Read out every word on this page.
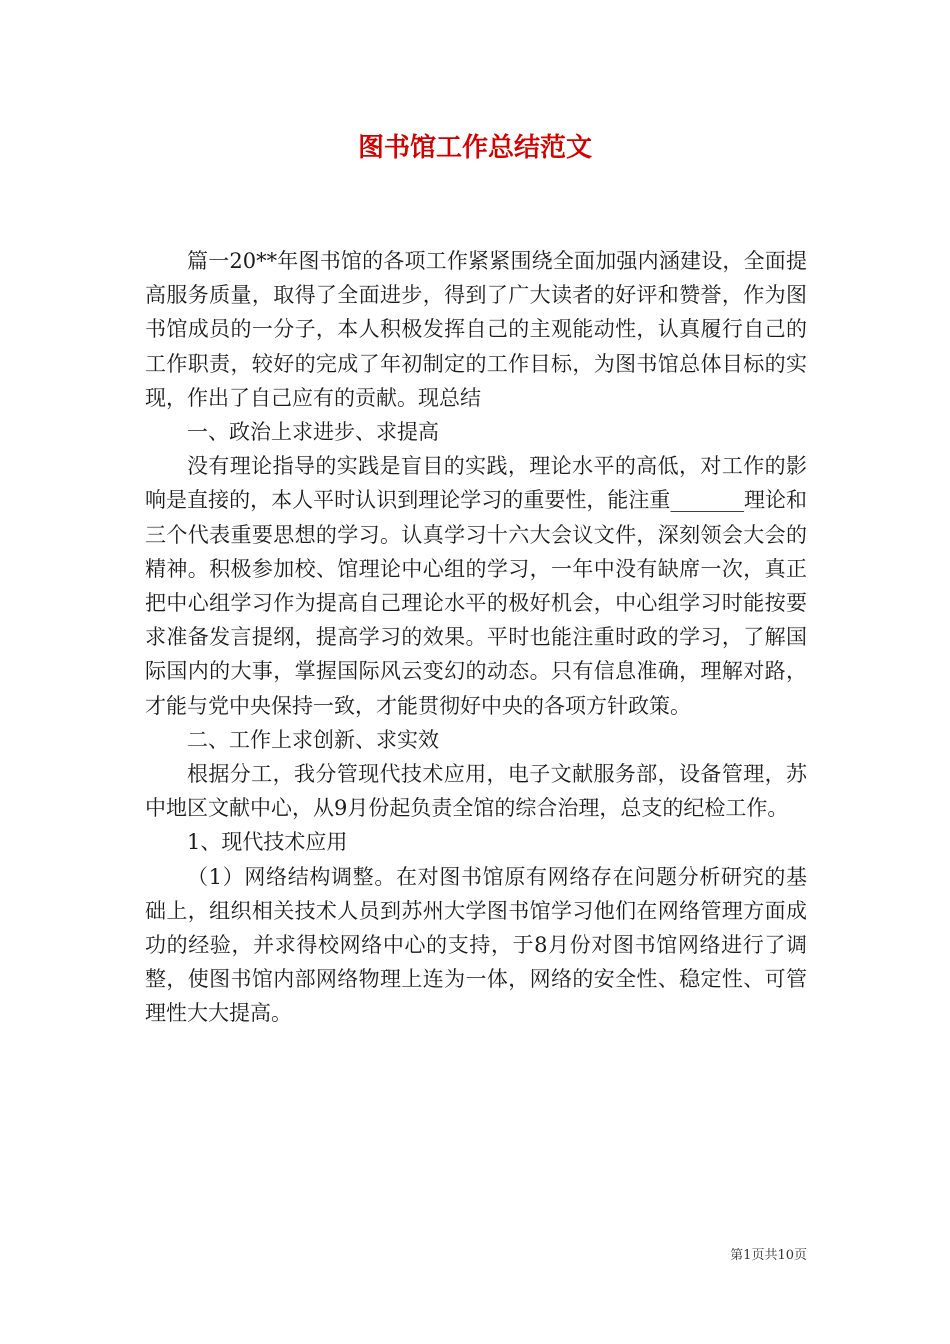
图书馆工作总结范文

篇一20**年图书馆的各项工作紧紧围绕全面加强内涵建设，全面提高服务质量，取得了全面进步，得到了广大读者的好评和赞誉，作为图书馆成员的一分子，本人积极发挥自己的主观能动性，认真履行自己的工作职责，较好的完成了年初制定的工作目标，为图书馆总体目标的实现，作出了自己应有的贡献。现总结

一、政治上求进步、求提高

没有理论指导的实践是盲目的实践，理论水平的高低，对工作的影响是直接的，本人平时认识到理论学习的重要性，能注重_______理论和三个代表重要思想的学习。认真学习十六大会议文件，深刻领会大会的精神。积极参加校、馆理论中心组的学习，一年中没有缺席一次，真正把中心组学习作为提高自己理论水平的极好机会，中心组学习时能按要求准备发言提纲，提高学习的效果。平时也能注重时政的学习，了解国际国内的大事，掌握国际风云变幻的动态。只有信息准确，理解对路，才能与党中央保持一致，才能贯彻好中央的各项方针政策。

二、工作上求创新、求实效

根据分工，我分管现代技术应用，电子文献服务部，设备管理，苏中地区文献中心，从9月份起负责全馆的综合治理，总支的纪检工作。

1、现代技术应用

（1）网络结构调整。在对图书馆原有网络存在问题分析研究的基础上，组织相关技术人员到苏州大学图书馆学习他们在网络管理方面成功的经验，并求得校网络中心的支持，于8月份对图书馆网络进行了调整，使图书馆内部网络物理上连为一体，网络的安全性、稳定性、可管理性大大提高。

第1页共10页
